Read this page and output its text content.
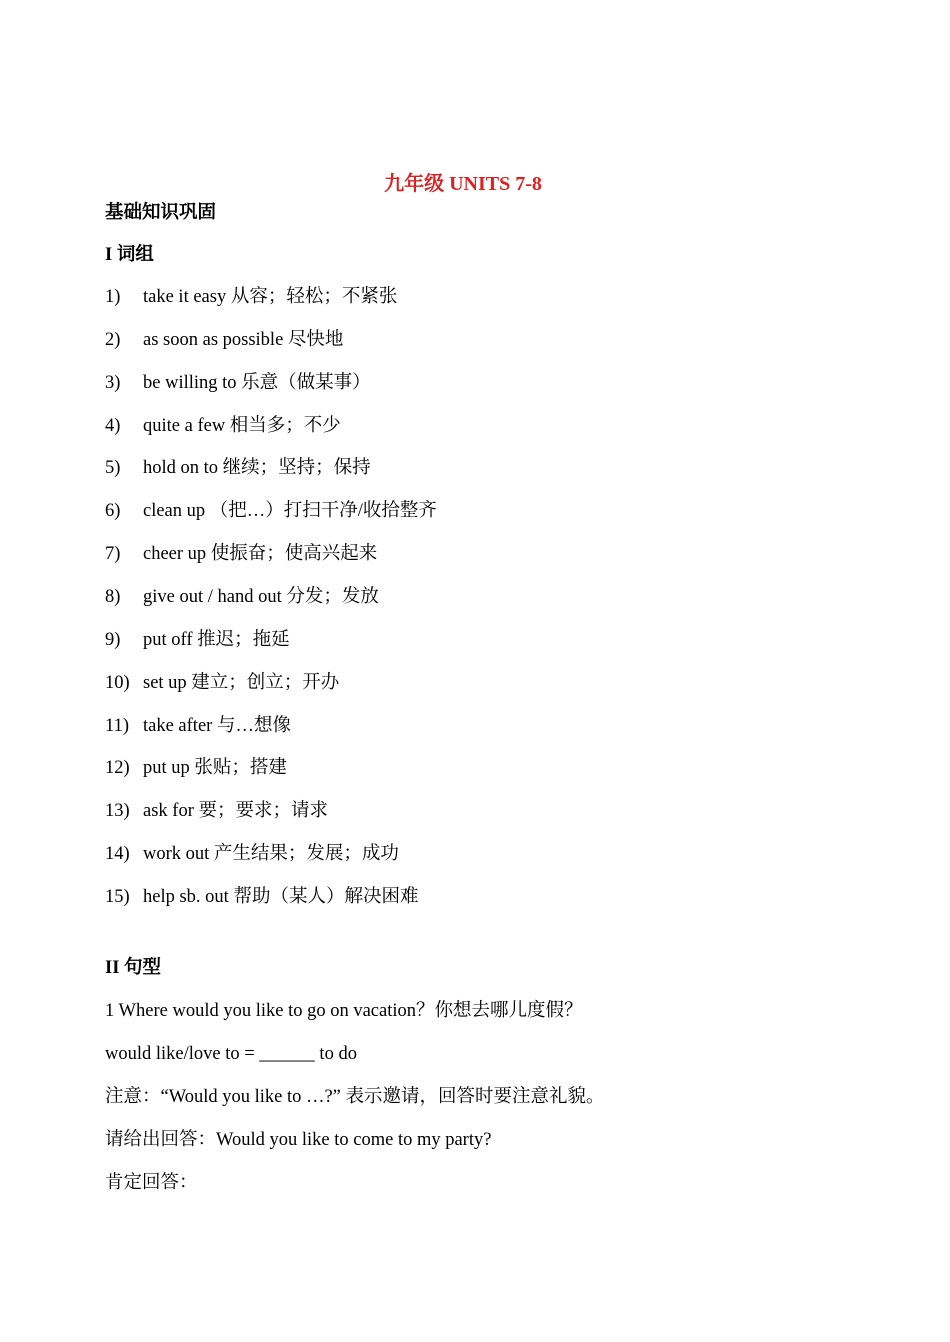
九年级 UNITS 7-8
基础知识巩固
I 词组
1) take it easy 从容；轻松；不紧张
2) as soon as possible 尽快地
3) be willing to 乐意（做某事）
4) quite a few 相当多；不少
5) hold on to 继续；坚持；保持
6) clean up （把…）打扫干净/收拾整齐
7) cheer up 使振奋；使高兴起来
8) give out / hand out 分发；发放
9) put off 推迟；拖延
10) set up 建立；创立；开办
11) take after 与…想像
12) put up 张贴；搭建
13) ask for 要；要求；请求
14) work out 产生结果；发展；成功
15) help sb. out 帮助（某人）解决困难
II 句型
1 Where would you like to go on vacation？你想去哪儿度假？
would like/love to = ______ to do
注意：“Would you like to …?” 表示邀请，回答时要注意礼貌。
请给出回答：Would you like to come to my party?
肯定回答：
